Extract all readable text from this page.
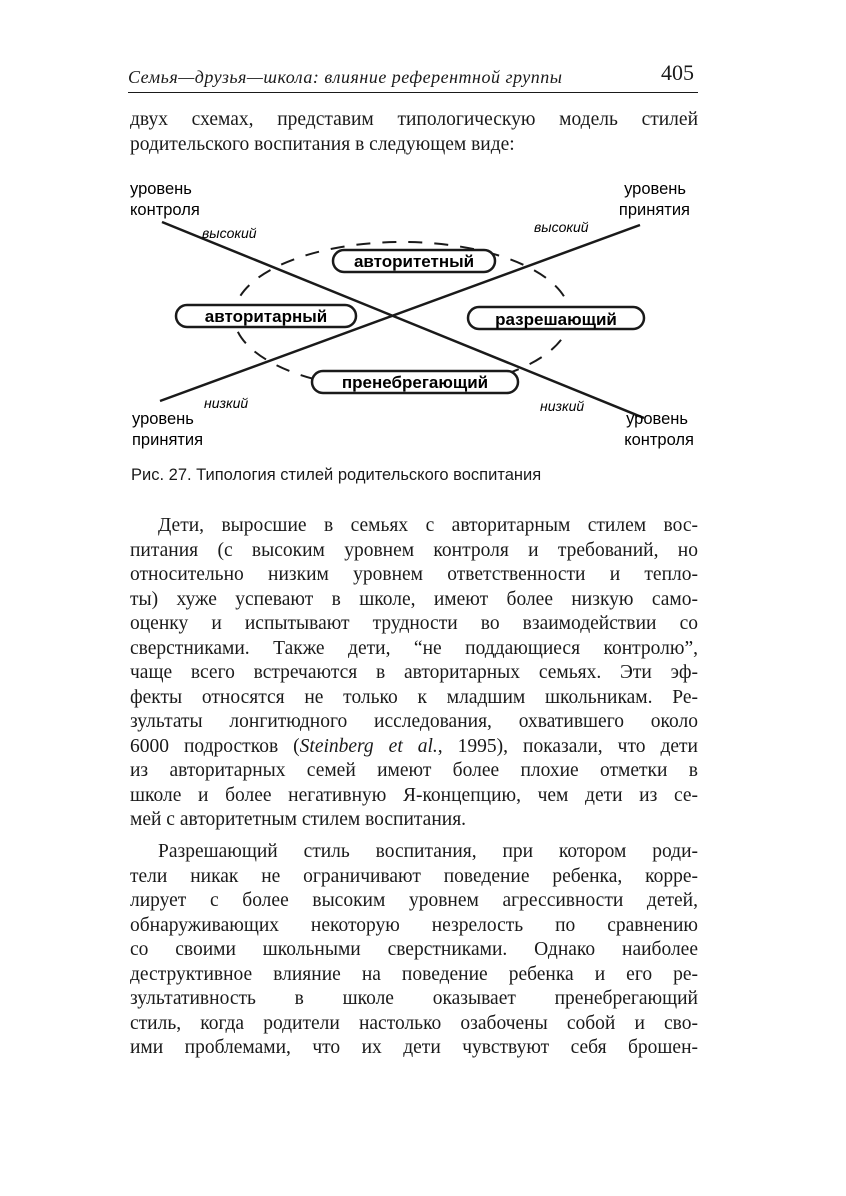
Семья—друзья—школа: влияние референтной группы	405
двух схемах, представим типологическую модель стилей
родительского воспитания в следующем виде:
авторитетный
авторитарный	разрешающий
пренебрегающий
уровень
контроля
уровень
принятия
уровень
принятия
уровень
контроля
высокий	высокий
низкий	низкий
Рис. 27. Типология стилей родительского воспитания
Дети, выросшие в семьях с авторитарным стилем вос-
питания (с высоким уровнем контроля и требований, но
относительно низким уровнем ответственности и тепло-
ты) хуже успевают в школе, имеют более низкую само-
оценку и испытывают трудности во взаимодействии со
сверстниками. Также дети, “не поддающиеся контролю”,
чаще всего встречаются в авторитарных семьях. Эти эф-
фекты относятся не только к младшим школьникам. Ре-
зультаты лонгитюдного исследования, охватившего около
6000 подростков (Steinberg et al., 1995), показали, что дети
из авторитарных семей имеют более плохие отметки в
школе и более негативную Я-концепцию, чем дети из се-
мей с авторитетным стилем воспитания.
Разрешающий стиль воспитания, при котором роди-
тели никак не ограничивают поведение ребенка, корре-
лирует с более высоким уровнем агрессивности детей,
обнаруживающих некоторую незрелость по сравнению
со своими школьными сверстниками. Однако наиболее
деструктивное влияние на поведение ребенка и его ре-
зультативность в школе оказывает пренебрегающий
стиль, когда родители настолько озабочены собой и сво-
ими проблемами, что их дети чувствуют себя брошен-
